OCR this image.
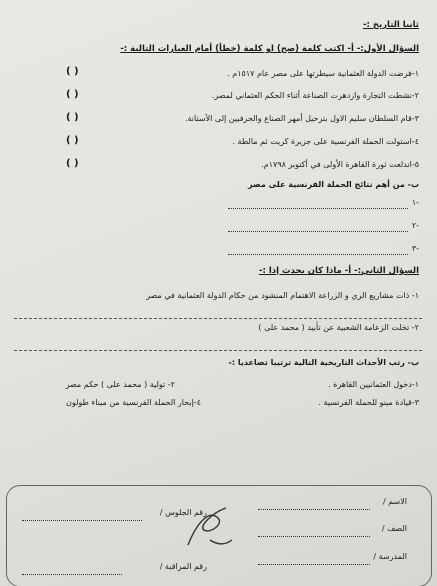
ثانيا التاريخ :-
السؤال الأول:- أ- اكتب كلمة (صح) او كلمة (خطأ) أمام العبارات التالية :-
١-فرضت الدولة العثمانية سيطرتها على مصر عام ١٥١٧م .
( )
٢-نشطت التجارة وازدهرت الصناعة أثناء الحكم العثماني لمصر.
( )
٣-قام السلطان سليم الاول بترحيل أمهر الصناع والحرفيين إلى الآستانة.
( )
٤-استولت الحملة الفرنسية على جزيرة كريت ثم مالطة .
( )
٥-اندلعت ثورة القاهرة الأولى في أكتوبر ١٧٩٨م.
( )
ب- من أهم نتائج الحملة الفرنسية على مصر
١-
٢-
٣-
السؤال الثاني:- أ- ماذا كان يحدث إذا :-
١- ذات مشاريع الري و الزراعة الاهتمام المنشود من حكام الدولة العثمانية في مصر
٢- تخلت الزعامة الشعبية عن تأييد ( محمد على )
ب- رتب الأحداث التاريخية التالية ترتيبا تصاعديا :-
١-دخول العثمانيين القاهرة .
٢- تولية ( محمد على ) حكم مصر
٣-قيادة مينو للحملة الفرنسية .
٤-إبحار الحملة الفرنسية من ميناء طولون
الاسم /
الصف /
المدرسة /
رقم الجلوس /
رقم المراقبة /
